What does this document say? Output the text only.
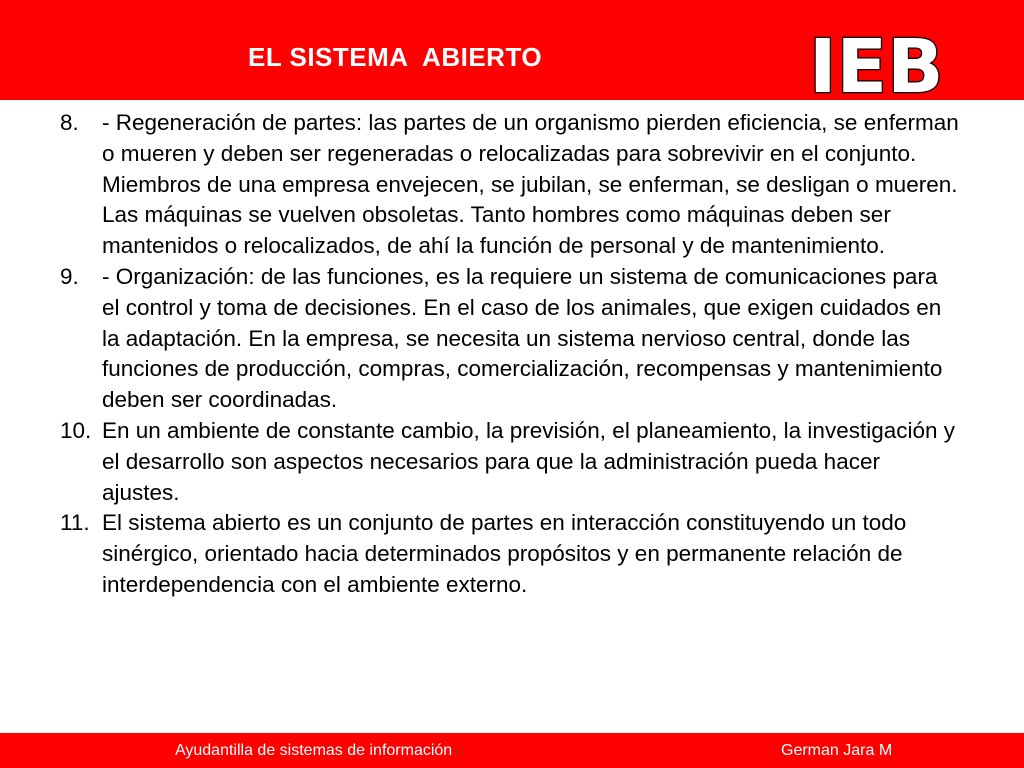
EL SISTEMA  ABIERTO	IEB
8.	- Regeneración de partes: las partes de un organismo pierden eficiencia, se enferman o mueren y deben ser regeneradas o relocalizadas para sobrevivir en el conjunto. Miembros de una empresa envejecen, se jubilan, se enferman, se desligan o mueren. Las máquinas se vuelven obsoletas. Tanto hombres como máquinas deben ser mantenidos o relocalizados, de ahí la función de personal y de mantenimiento.
9.	- Organización: de las funciones, es la requiere un sistema de comunicaciones para el control y toma de decisiones. En el caso de los animales, que exigen cuidados en la adaptación. En la empresa, se necesita un sistema nervioso central, donde las funciones de producción, compras, comercialización, recompensas y mantenimiento deben ser coordinadas.
10. En un ambiente de constante cambio, la previsión, el planeamiento, la investigación y el desarrollo son aspectos necesarios para que la administración pueda hacer ajustes.
11. El sistema abierto es un conjunto de partes en interacción constituyendo un todo sinérgico, orientado hacia determinados propósitos y en permanente relación de interdependencia con el ambiente externo.
Ayudantilla de sistemas de información	German Jara M
